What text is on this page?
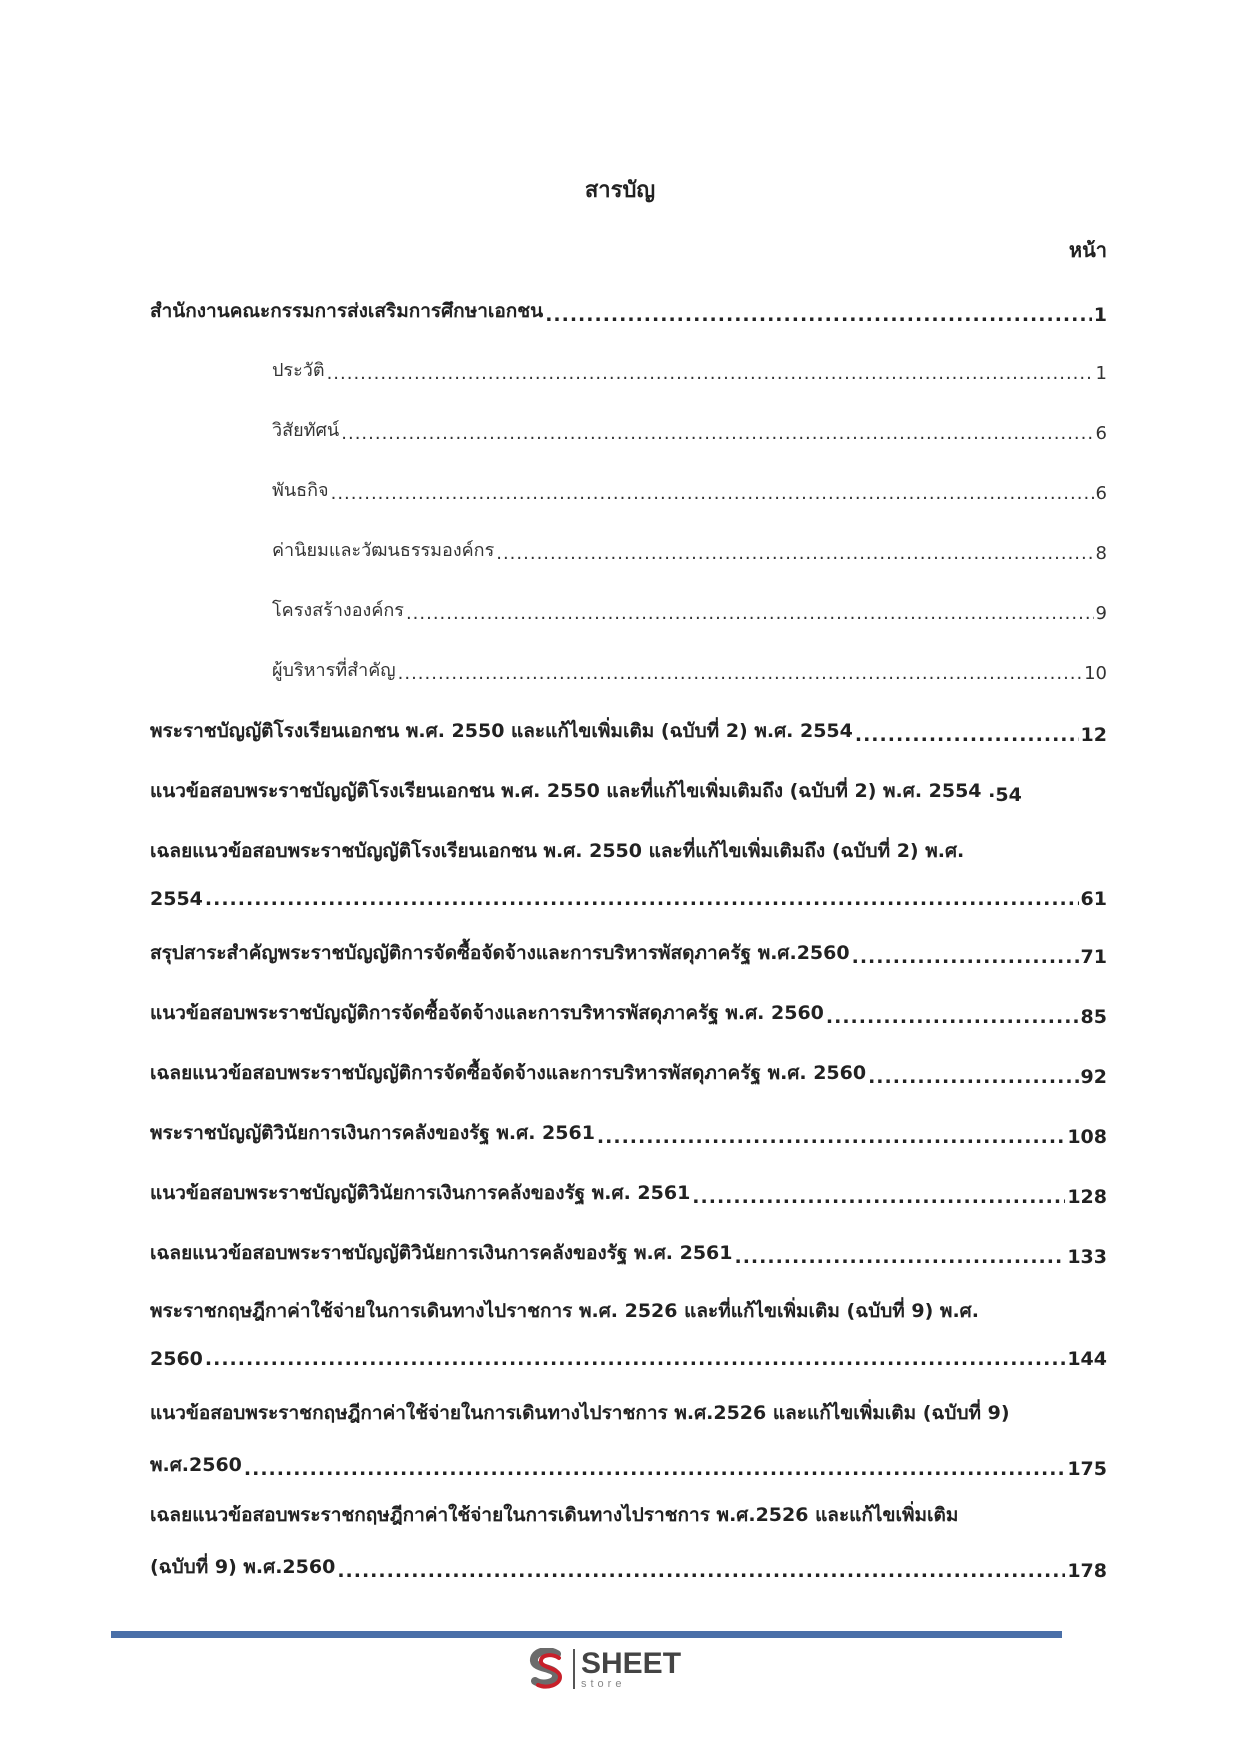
สารบัญ
หน้า
สำนักงานคณะกรรมการส่งเสริมการศึกษาเอกชน .....	1
ประวัติ .....	1
วิสัยทัศน์ .....	6
พันธกิจ .....	6
ค่านิยมและวัฒนธรรมองค์กร .....	8
โครงสร้างองค์กร .....	9
ผู้บริหารที่สำคัญ .....	10
พระราชบัญญัติโรงเรียนเอกชน พ.ศ. 2550 และแก้ไขเพิ่มเติม (ฉบับที่ 2) พ.ศ. 2554 .....	12
แนวข้อสอบพระราชบัญญัติโรงเรียนเอกชน พ.ศ. 2550 และที่แก้ไขเพิ่มเติมถึง (ฉบับที่ 2) พ.ศ. 2554 . 54
เฉลยแนวข้อสอบพระราชบัญญัติโรงเรียนเอกชน พ.ศ. 2550 และที่แก้ไขเพิ่มเติมถึง (ฉบับที่ 2) พ.ศ.
2554 .....	61
สรุปสาระสำคัญพระราชบัญญัติการจัดซื้อจัดจ้างและการบริหารพัสดุภาครัฐ พ.ศ.2560 .....	71
แนวข้อสอบพระราชบัญญัติการจัดซื้อจัดจ้างและการบริหารพัสดุภาครัฐ พ.ศ. 2560 .....	85
เฉลยแนวข้อสอบพระราชบัญญัติการจัดซื้อจัดจ้างและการบริหารพัสดุภาครัฐ พ.ศ. 2560 .....	92
พระราชบัญญัติวินัยการเงินการคลังของรัฐ พ.ศ. 2561 .....	108
แนวข้อสอบพระราชบัญญัติวินัยการเงินการคลังของรัฐ พ.ศ. 2561 .....	128
เฉลยแนวข้อสอบพระราชบัญญัติวินัยการเงินการคลังของรัฐ พ.ศ. 2561 .....	133
พระราชกฤษฎีกาค่าใช้จ่ายในการเดินทางไปราชการ พ.ศ. 2526 และที่แก้ไขเพิ่มเติม (ฉบับที่ 9) พ.ศ.
2560 .....	144
แนวข้อสอบพระราชกฤษฎีกาค่าใช้จ่ายในการเดินทางไปราชการ พ.ศ.2526 และแก้ไขเพิ่มเติม (ฉบับที่ 9)
พ.ศ.2560 .....	175
เฉลยแนวข้อสอบพระราชกฤษฎีกาค่าใช้จ่ายในการเดินทางไปราชการ พ.ศ.2526 และแก้ไขเพิ่มเติม
(ฉบับที่ 9) พ.ศ.2560 .....	178
SHEET
store
